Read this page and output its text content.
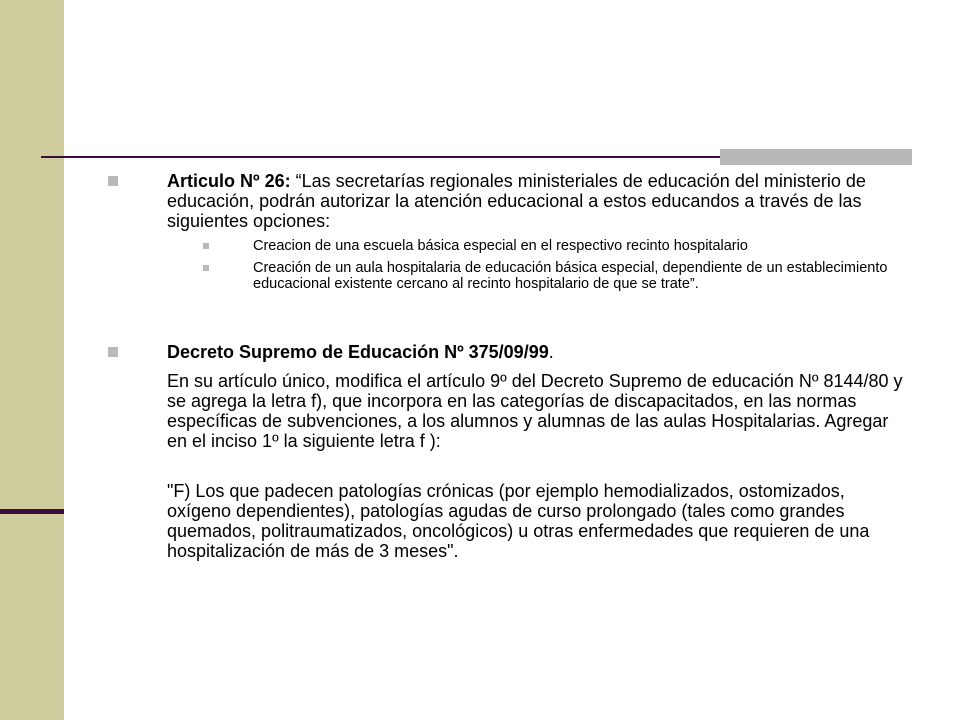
Articulo Nº 26: “Las secretarías regionales ministeriales de educación del ministerio de educación, podrán autorizar la atención educacional a estos educandos a través de las siguientes opciones:

Creacion de una escuela básica especial en el respectivo recinto hospitalario

Creación de un aula hospitalaria de educación básica especial, dependiente de un establecimiento educacional existente cercano al recinto hospitalario de que se trate”.

Decreto Supremo de Educación Nº 375/09/99.

En su artículo único, modifica el artículo 9º del Decreto Supremo de educación Nº 8144/80 y se agrega la letra f), que incorpora en las categorías de discapacitados, en las normas específicas de subvenciones, a los alumnos y alumnas de las aulas Hospitalarias. Agregar en el inciso 1º la siguiente letra f ):

"F) Los que padecen patologías crónicas (por ejemplo hemodializados, ostomizados, oxígeno dependientes), patologías agudas de curso prolongado (tales como grandes quemados, politraumatizados, oncológicos) u otras enfermedades que requieren de una hospitalización de más de 3 meses".
